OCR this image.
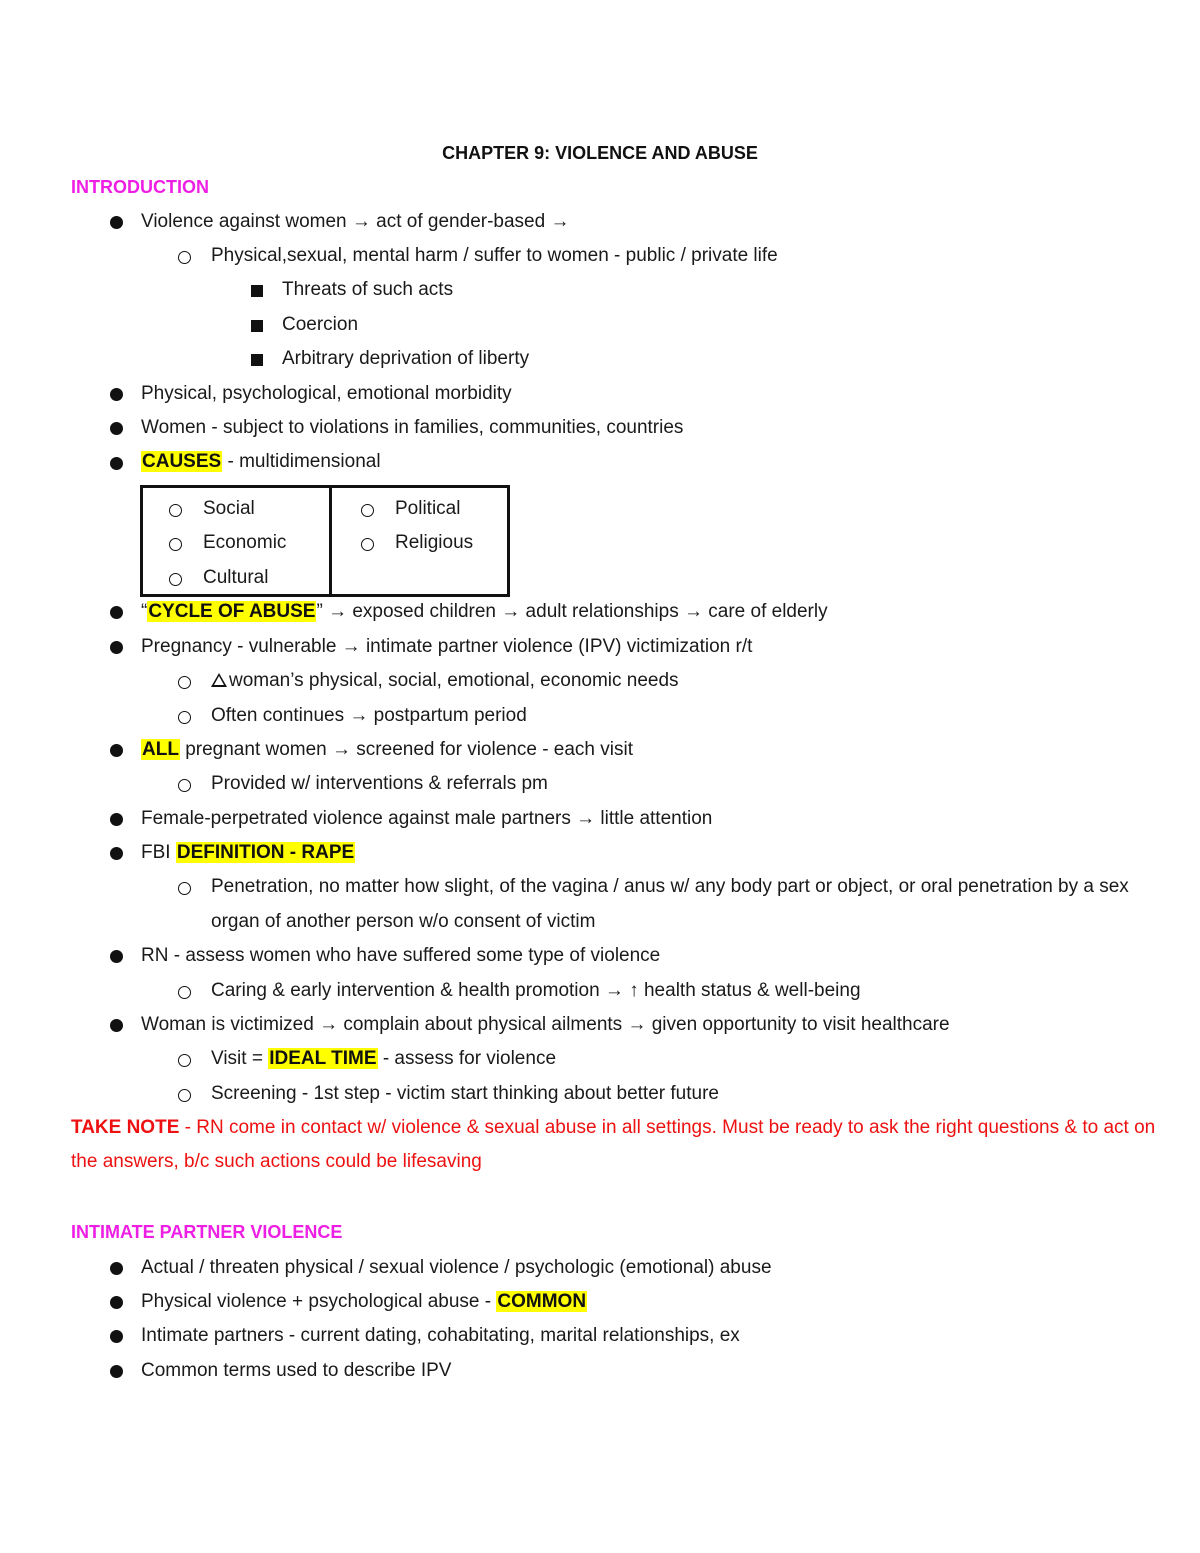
CHAPTER 9: VIOLENCE AND ABUSE
INTRODUCTION
Violence against women → act of gender-based →
Physical,sexual, mental harm / suffer to women - public / private life
Threats of such acts
Coercion
Arbitrary deprivation of liberty
Physical, psychological, emotional morbidity
Women - subject to violations in families, communities, countries
CAUSES - multidimensional
Social
Economic
Cultural
Political
Religious
“CYCLE OF ABUSE” → exposed children → adult relationships → care of elderly
Pregnancy - vulnerable → intimate partner violence (IPV) victimization r/t
woman’s physical, social, emotional, economic needs
Often continues → postpartum period
ALL pregnant women → screened for violence - each visit
Provided w/ interventions & referrals pm
Female-perpetrated violence against male partners → little attention
FBI DEFINITION - RAPE
Penetration, no matter how slight, of the vagina / anus w/ any body part or object, or oral penetration by a sex
organ of another person w/o consent of victim
RN - assess women who have suffered some type of violence
Caring & early intervention & health promotion → ↑ health status & well-being
Woman is victimized → complain about physical ailments → given opportunity to visit healthcare
Visit = IDEAL TIME - assess for violence
Screening - 1st step - victim start thinking about better future
TAKE NOTE - RN come in contact w/ violence & sexual abuse in all settings. Must be ready to ask the right questions & to act on the answers, b/c such actions could be lifesaving
INTIMATE PARTNER VIOLENCE
Actual / threaten physical / sexual violence / psychologic (emotional) abuse
Physical violence + psychological abuse - COMMON
Intimate partners - current dating, cohabitating, marital relationships, ex
Common terms used to describe IPV
